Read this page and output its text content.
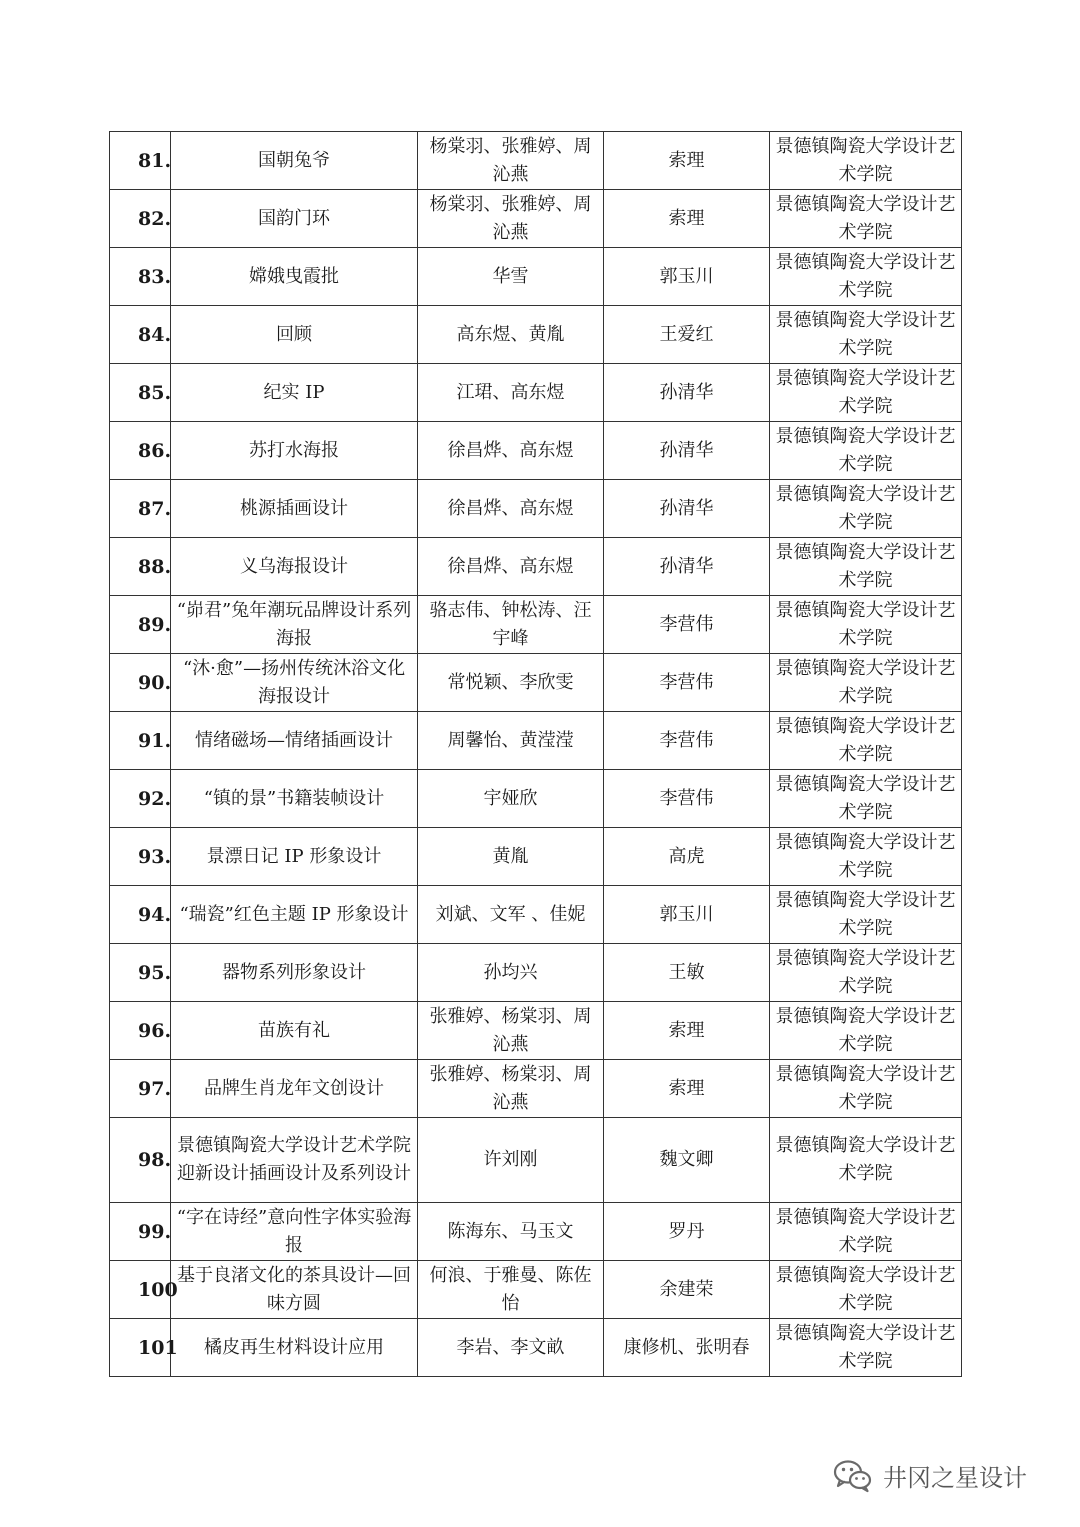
81.	国朝兔爷	杨棠羽、张雅婷、周沁燕	索理	景德镇陶瓷大学设计艺术学院
82.	国韵门环	杨棠羽、张雅婷、周沁燕	索理	景德镇陶瓷大学设计艺术学院
83.	嫦娥曳霞批	华雪	郭玉川	景德镇陶瓷大学设计艺术学院
84.	回顾	高东煜、黄胤	王爱红	景德镇陶瓷大学设计艺术学院
85.	纪实 IP	江珺、高东煜	孙清华	景德镇陶瓷大学设计艺术学院
86.	苏打水海报	徐昌烨、高东煜	孙清华	景德镇陶瓷大学设计艺术学院
87.	桃源插画设计	徐昌烨、高东煜	孙清华	景德镇陶瓷大学设计艺术学院
88.	义乌海报设计	徐昌烨、高东煜	孙清华	景德镇陶瓷大学设计艺术学院
89.	“峁君”兔年潮玩品牌设计系列海报	骆志伟、钟松涛、汪宇峰	李营伟	景德镇陶瓷大学设计艺术学院
90.	“沐·愈”—扬州传统沐浴文化海报设计	常悦颖、李欣雯	李营伟	景德镇陶瓷大学设计艺术学院
91.	情绪磁场—情绪插画设计	周馨怡、黄滢滢	李营伟	景德镇陶瓷大学设计艺术学院
92.	“镇的景”书籍装帧设计	宇娅欣	李营伟	景德镇陶瓷大学设计艺术学院
93.	景漂日记 IP 形象设计	黄胤	高虎	景德镇陶瓷大学设计艺术学院
94.	“瑞瓷”红色主题 IP 形象设计	刘斌、文军 、佳妮	郭玉川	景德镇陶瓷大学设计艺术学院
95.	器物系列形象设计	孙均兴	王敏	景德镇陶瓷大学设计艺术学院
96.	苗族有礼	张雅婷、杨棠羽、周沁燕	索理	景德镇陶瓷大学设计艺术学院
97.	品牌生肖龙年文创设计	张雅婷、杨棠羽、周沁燕	索理	景德镇陶瓷大学设计艺术学院
98.	景德镇陶瓷大学设计艺术学院迎新设计插画设计及系列设计	许刘刚	魏文卿	景德镇陶瓷大学设计艺术学院
99.	“字在诗经”意向性字体实验海报	陈海东、马玉文	罗丹	景德镇陶瓷大学设计艺术学院
100	基于良渚文化的茶具设计—回味方圆	何浪、于雅曼、陈佐怡	余建荣	景德镇陶瓷大学设计艺术学院
101	橘皮再生材料设计应用	李岩、李文畝	康修机、张明春	景德镇陶瓷大学设计艺术学院
井冈之星设计
